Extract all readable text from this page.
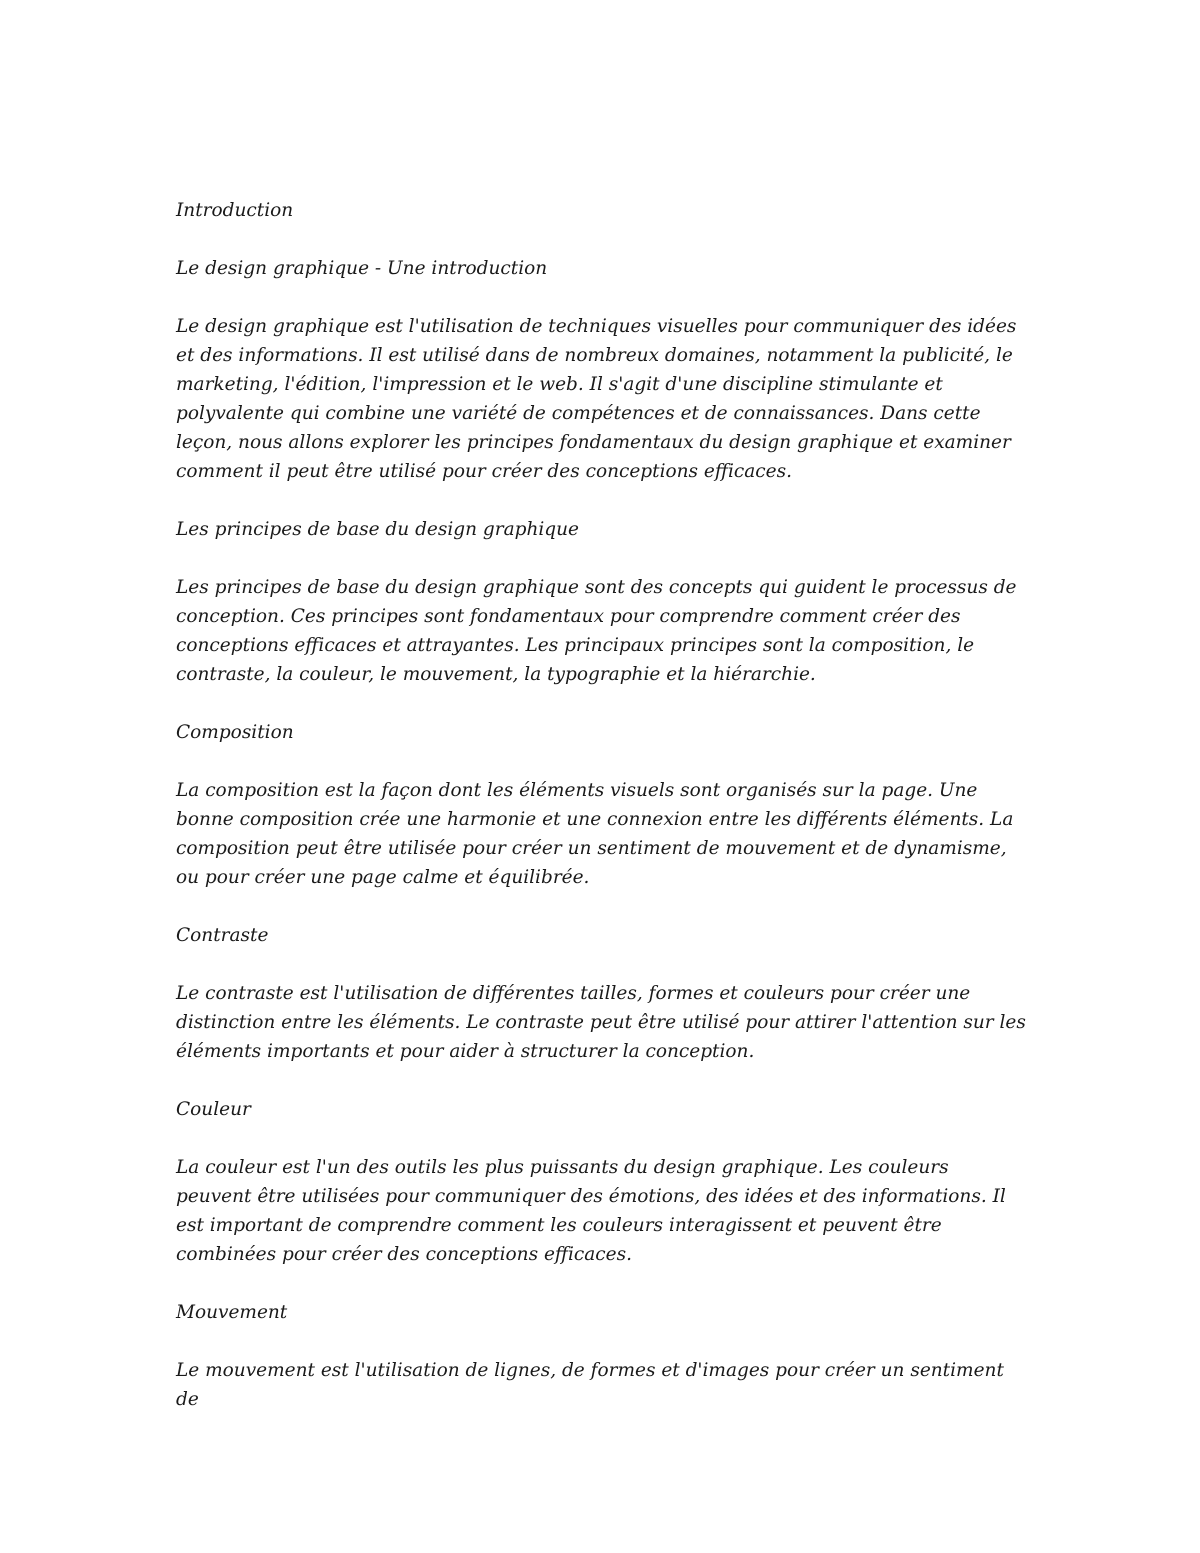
Introduction

Le design graphique - Une introduction

Le design graphique est l'utilisation de techniques visuelles pour communiquer des idées et des informations. Il est utilisé dans de nombreux domaines, notamment la publicité, le marketing, l'édition, l'impression et le web. Il s'agit d'une discipline stimulante et polyvalente qui combine une variété de compétences et de connaissances. Dans cette leçon, nous allons explorer les principes fondamentaux du design graphique et examiner comment il peut être utilisé pour créer des conceptions efficaces.

Les principes de base du design graphique

Les principes de base du design graphique sont des concepts qui guident le processus de conception. Ces principes sont fondamentaux pour comprendre comment créer des conceptions efficaces et attrayantes. Les principaux principes sont la composition, le contraste, la couleur, le mouvement, la typographie et la hiérarchie.

Composition

La composition est la façon dont les éléments visuels sont organisés sur la page. Une bonne composition crée une harmonie et une connexion entre les différents éléments. La composition peut être utilisée pour créer un sentiment de mouvement et de dynamisme, ou pour créer une page calme et équilibrée.

Contraste

Le contraste est l'utilisation de différentes tailles, formes et couleurs pour créer une distinction entre les éléments. Le contraste peut être utilisé pour attirer l'attention sur les éléments importants et pour aider à structurer la conception.

Couleur

La couleur est l'un des outils les plus puissants du design graphique. Les couleurs peuvent être utilisées pour communiquer des émotions, des idées et des informations. Il est important de comprendre comment les couleurs interagissent et peuvent être combinées pour créer des conceptions efficaces.

Mouvement

Le mouvement est l'utilisation de lignes, de formes et d'images pour créer un sentiment de
